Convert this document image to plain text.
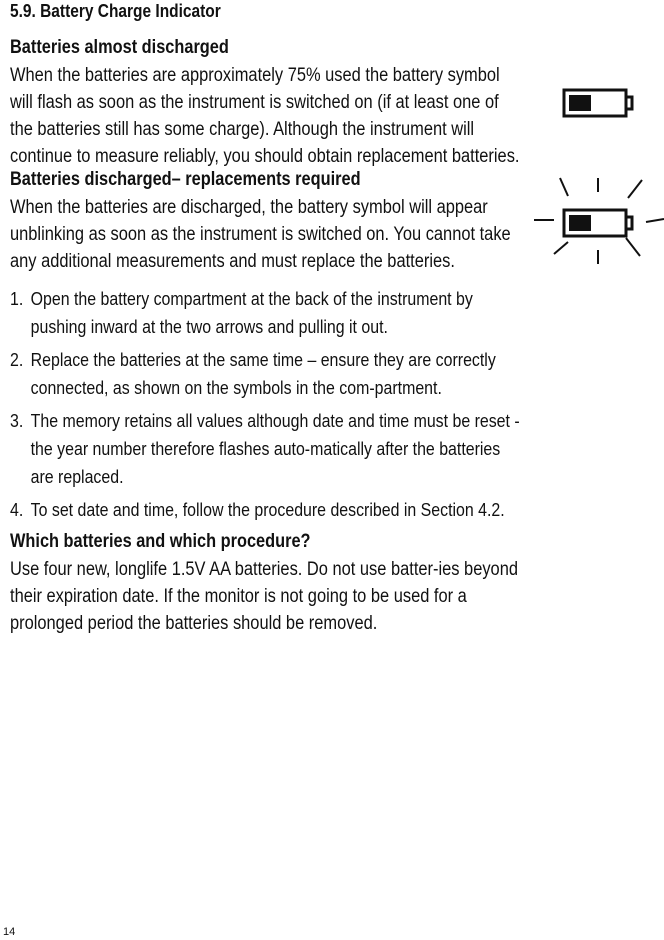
5.9. Battery Charge Indicator
Batteries almost discharged

When the batteries are approximately 75% used the battery symbol will flash as soon as the instrument is switched on (if at least one of the batteries still has some charge). Although the instrument will continue to measure reliably, you should obtain replacement batteries.

Batteries discharged– replacements required

When the batteries are discharged, the battery symbol will appear unblinking as soon as the instrument is switched on. You cannot take any additional measurements and must replace the batteries.

1. Open the battery compartment at the back of the instrument by pushing inward at the two arrows and pulling it out.
2. Replace the batteries at the same time – ensure they are correctly connected, as shown on the symbols in the com-partment.
3. The memory retains all values although date and time must be reset - the year number therefore flashes auto-matically after the batteries are replaced.
4. To set date and time, follow the procedure described in Section 4.2.
Which batteries and which procedure?

Use four new, longlife 1.5V AA batteries. Do not use batter-ies beyond their expiration date. If the monitor is not going to be used for a prolonged period the batteries should be removed.

14
